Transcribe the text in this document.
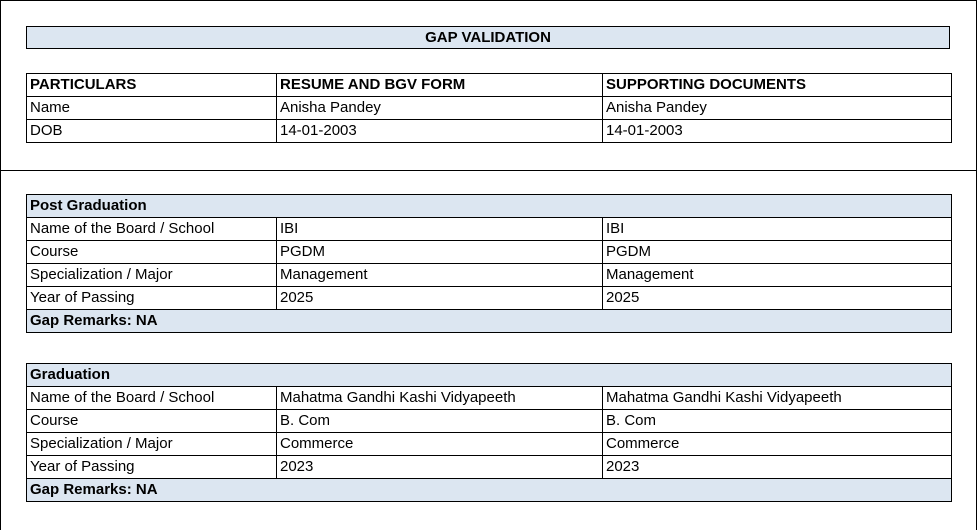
GAP VALIDATION
PARTICULARS	RESUME AND BGV FORM	SUPPORTING DOCUMENTS
Name	Anisha Pandey	Anisha Pandey
DOB	14-01-2003	14-01-2003
Post Graduation		
Name of the Board / School	IBI	IBI
Course	PGDM	PGDM
Specialization / Major	Management	Management
Year of Passing	2025	2025
Gap Remarks: NA		
Graduation		
Name of the Board / School	Mahatma Gandhi Kashi Vidyapeeth	Mahatma Gandhi Kashi Vidyapeeth
Course	B. Com	B. Com
Specialization / Major	Commerce	Commerce
Year of Passing	2023	2023
Gap Remarks: NA		
